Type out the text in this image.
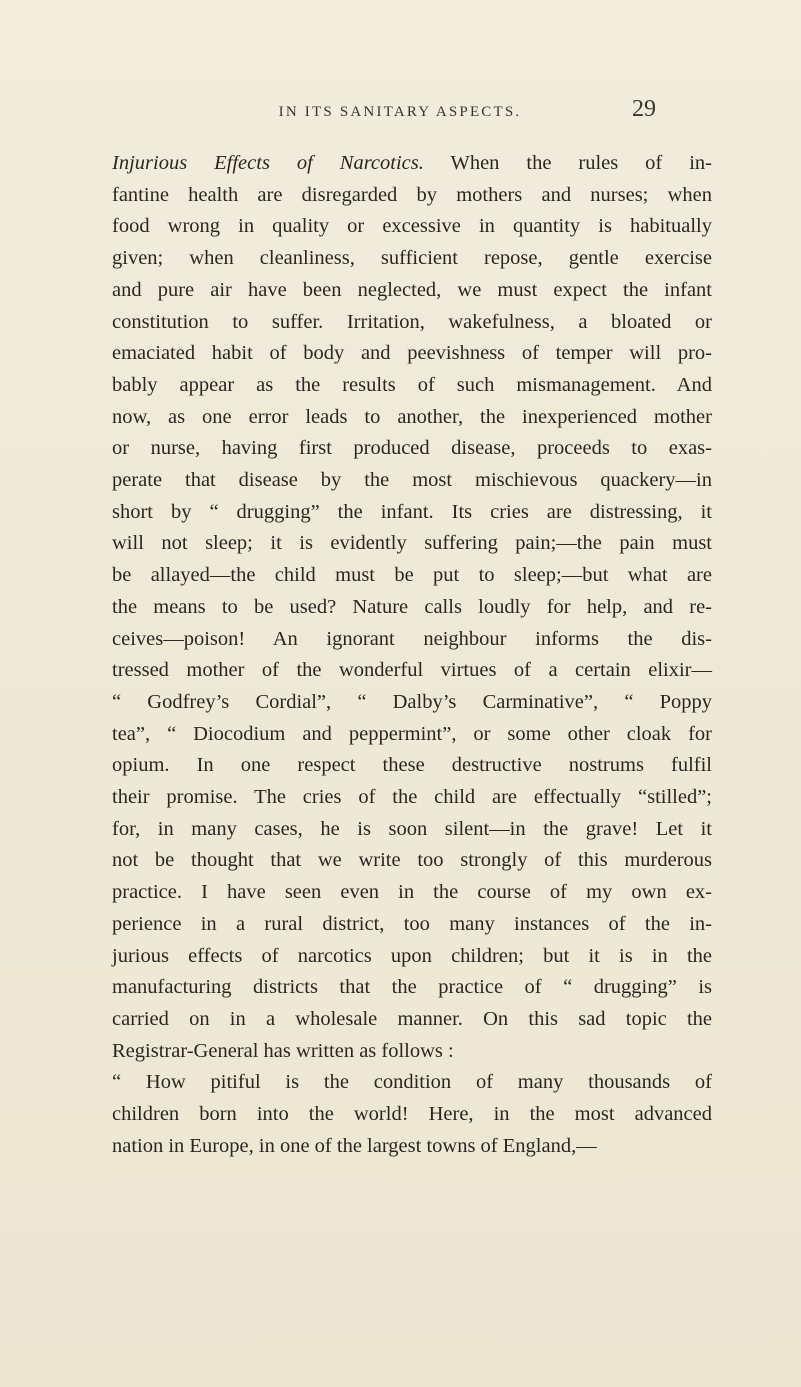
IN ITS SANITARY ASPECTS.	29

Injurious Effects of Narcotics. When the rules of in-

fantine health are disregarded by mothers and nurses; when

food wrong in quality or excessive in quantity is habitually

given; when cleanliness, sufficient repose, gentle exercise

and pure air have been neglected, we must expect the infant

constitution to suffer. Irritation, wakefulness, a bloated or

emaciated habit of body and peevishness of temper will pro-

bably appear as the results of such mismanagement. And

now, as one error leads to another, the inexperienced mother

or nurse, having first produced disease, proceeds to exas-

perate that disease by the most mischievous quackery—in

short by “ drugging” the infant. Its cries are distressing, it

will not sleep; it is evidently suffering pain;—the pain must

be allayed—the child must be put to sleep;—but what are

the means to be used? Nature calls loudly for help, and re-

ceives—poison! An ignorant neighbour informs the dis-

tressed mother of the wonderful virtues of a certain elixir—

“ Godfrey’s Cordial”, “ Dalby’s Carminative”, “ Poppy

tea”, “ Diocodium and peppermint”, or some other cloak for

opium. In one respect these destructive nostrums fulfil

their promise. The cries of the child are effectually “stilled”;

for, in many cases, he is soon silent—in the grave! Let it

not be thought that we write too strongly of this murderous

practice. I have seen even in the course of my own ex-

perience in a rural district, too many instances of the in-

jurious effects of narcotics upon children; but it is in the

manufacturing districts that the practice of “ drugging” is

carried on in a wholesale manner. On this sad topic the

Registrar-General has written as follows :

“ How pitiful is the condition of many thousands of

children born into the world! Here, in the most advanced

nation in Europe, in one of the largest towns of England,—
